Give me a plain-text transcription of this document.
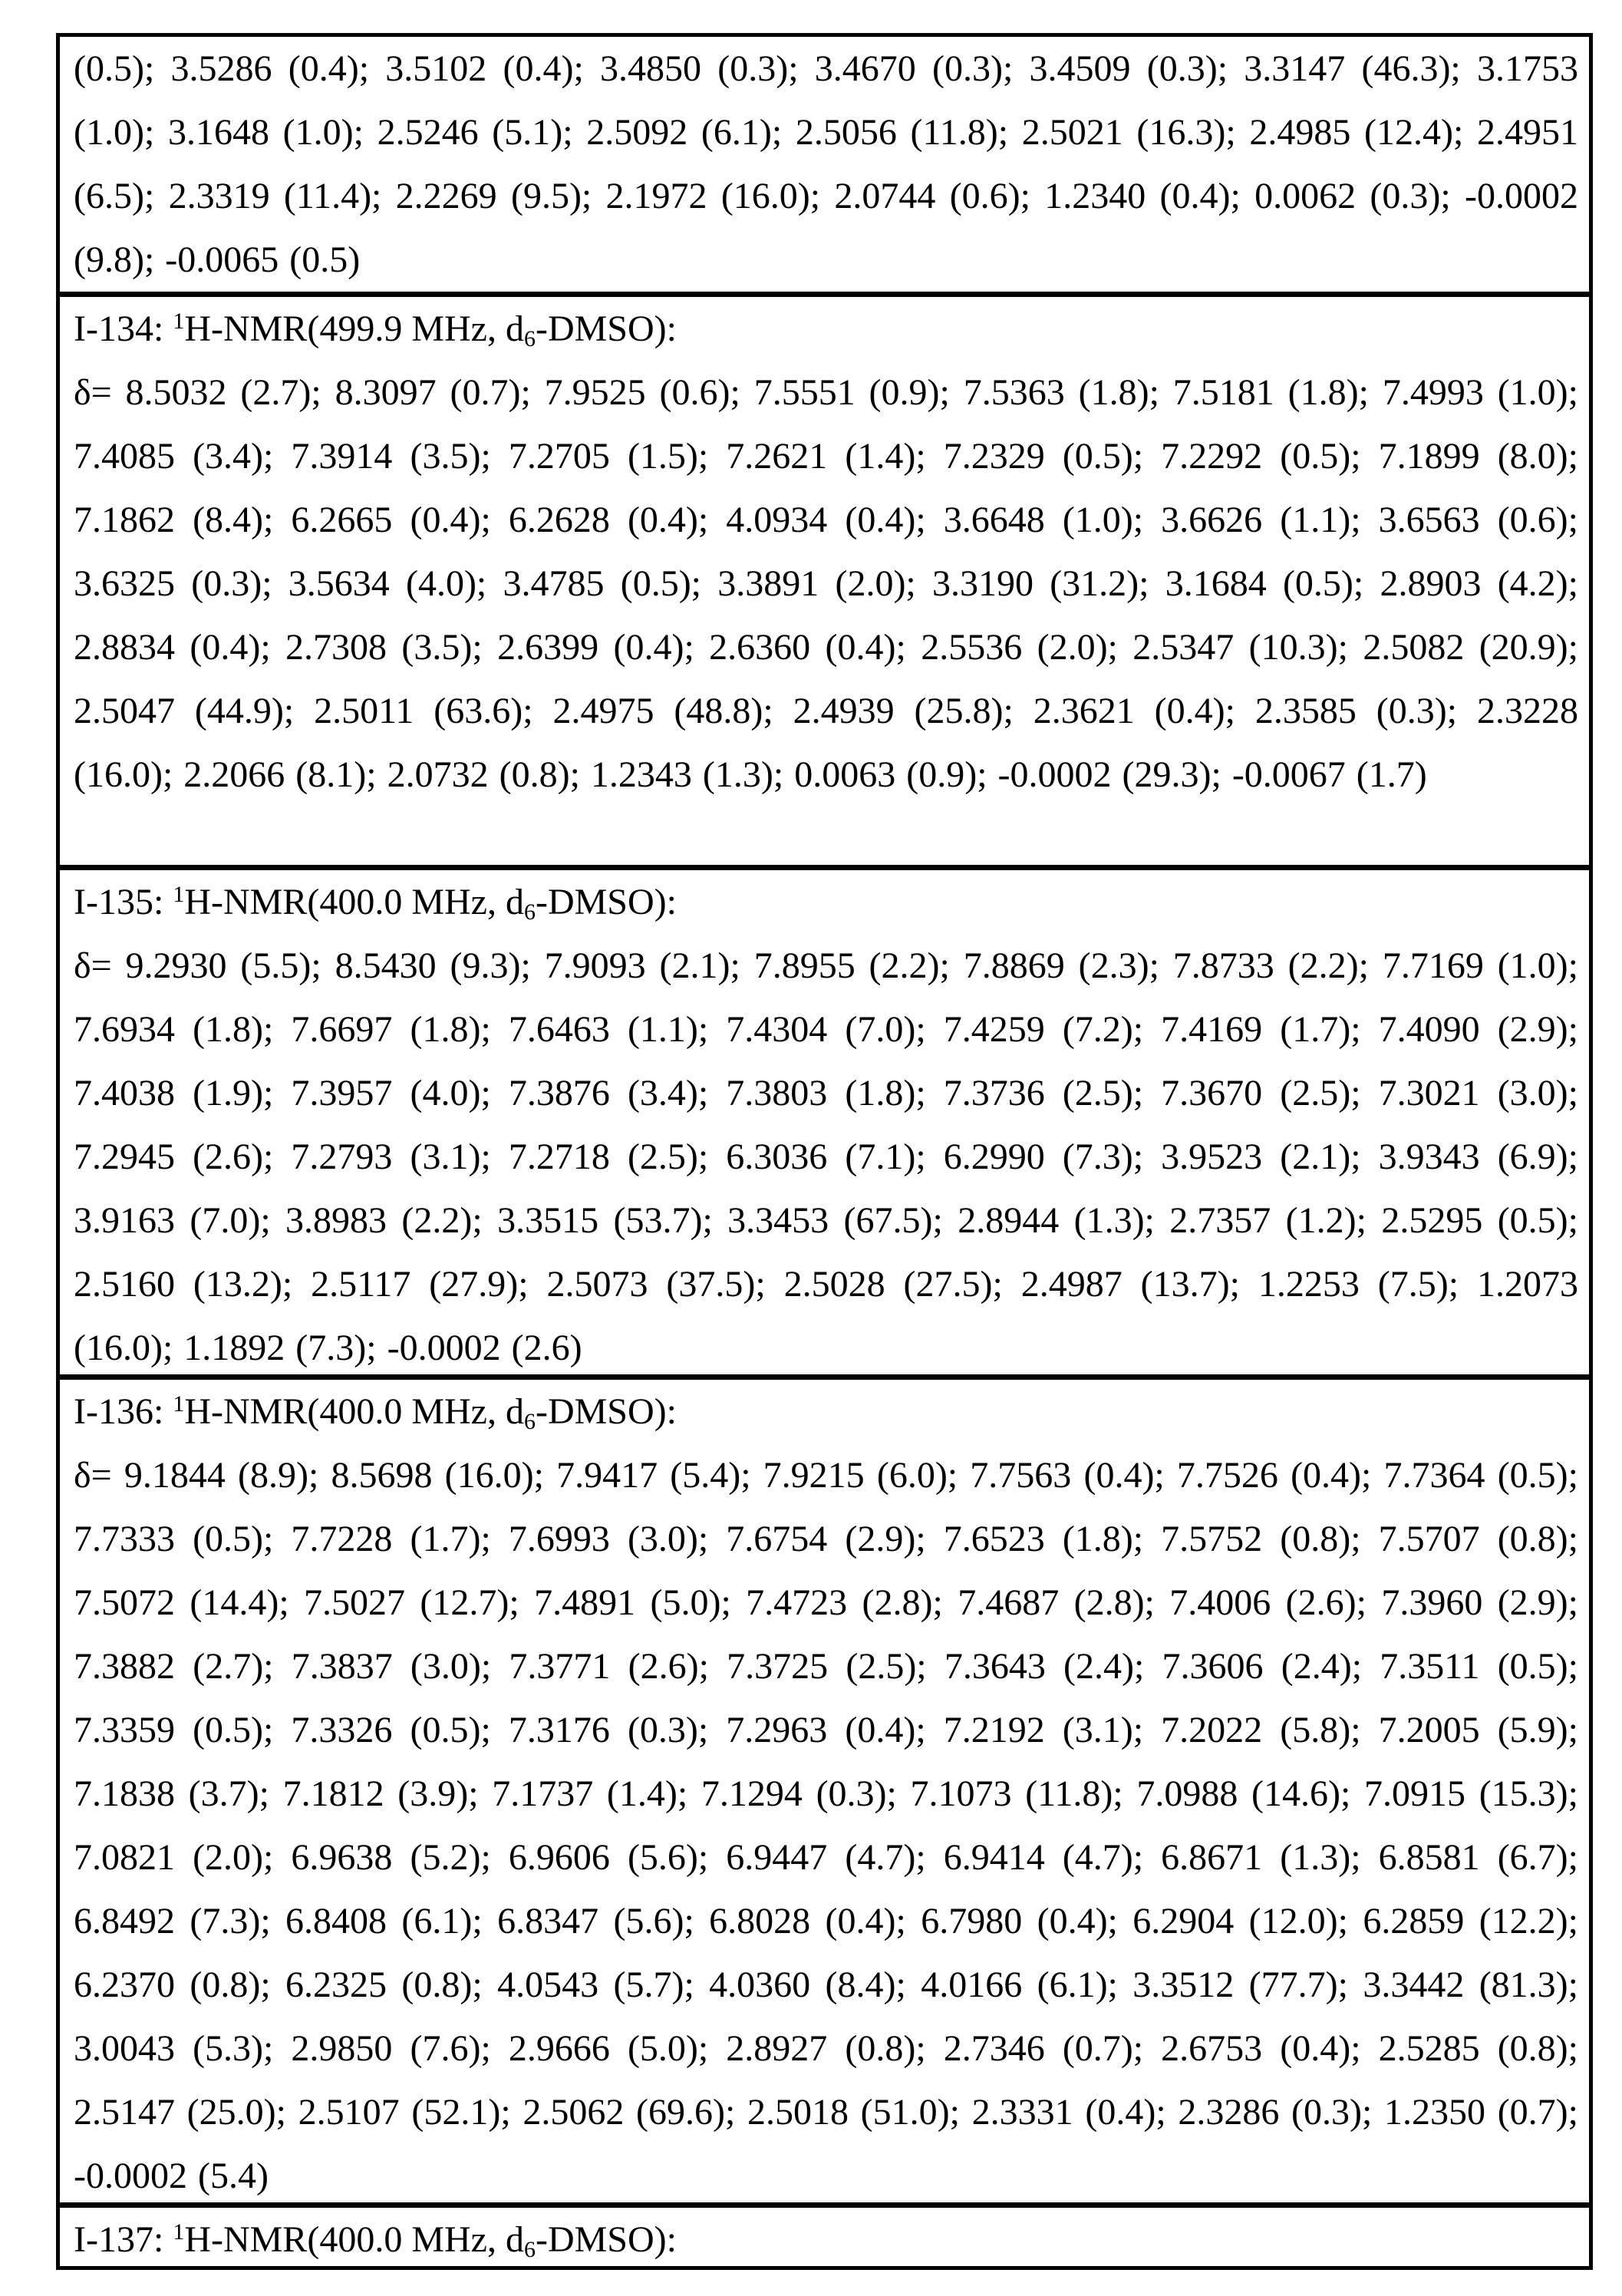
(0.5); 3.5286 (0.4); 3.5102 (0.4); 3.4850 (0.3); 3.4670 (0.3); 3.4509 (0.3); 3.3147 (46.3); 3.1753 (1.0); 3.1648 (1.0); 2.5246 (5.1); 2.5092 (6.1); 2.5056 (11.8); 2.5021 (16.3); 2.4985 (12.4); 2.4951 (6.5); 2.3319 (11.4); 2.2269 (9.5); 2.1972 (16.0); 2.0744 (0.6); 1.2340 (0.4); 0.0062 (0.3); -0.0002 (9.8); -0.0065 (0.5)
I-134: $^1$H-NMR(499.9 MHz, d6-DMSO):
δ= 8.5032 (2.7); 8.3097 (0.7); 7.9525 (0.6); 7.5551 (0.9); 7.5363 (1.8); 7.5181 (1.8); 7.4993 (1.0); 7.4085 (3.4); 7.3914 (3.5); 7.2705 (1.5); 7.2621 (1.4); 7.2329 (0.5); 7.2292 (0.5); 7.1899 (8.0); 7.1862 (8.4); 6.2665 (0.4); 6.2628 (0.4); 4.0934 (0.4); 3.6648 (1.0); 3.6626 (1.1); 3.6563 (0.6); 3.6325 (0.3); 3.5634 (4.0); 3.4785 (0.5); 3.3891 (2.0); 3.3190 (31.2); 3.1684 (0.5); 2.8903 (4.2); 2.8834 (0.4); 2.7308 (3.5); 2.6399 (0.4); 2.6360 (0.4); 2.5536 (2.0); 2.5347 (10.3); 2.5082 (20.9); 2.5047 (44.9); 2.5011 (63.6); 2.4975 (48.8); 2.4939 (25.8); 2.3621 (0.4); 2.3585 (0.3); 2.3228 (16.0); 2.2066 (8.1); 2.0732 (0.8); 1.2343 (1.3); 0.0063 (0.9); -0.0002 (29.3); -0.0067 (1.7)
I-135: $^1$H-NMR(400.0 MHz, d6-DMSO):
δ= 9.2930 (5.5); 8.5430 (9.3); 7.9093 (2.1); 7.8955 (2.2); 7.8869 (2.3); 7.8733 (2.2); 7.7169 (1.0); 7.6934 (1.8); 7.6697 (1.8); 7.6463 (1.1); 7.4304 (7.0); 7.4259 (7.2); 7.4169 (1.7); 7.4090 (2.9); 7.4038 (1.9); 7.3957 (4.0); 7.3876 (3.4); 7.3803 (1.8); 7.3736 (2.5); 7.3670 (2.5); 7.3021 (3.0); 7.2945 (2.6); 7.2793 (3.1); 7.2718 (2.5); 6.3036 (7.1); 6.2990 (7.3); 3.9523 (2.1); 3.9343 (6.9); 3.9163 (7.0); 3.8983 (2.2); 3.3515 (53.7); 3.3453 (67.5); 2.8944 (1.3); 2.7357 (1.2); 2.5295 (0.5); 2.5160 (13.2); 2.5117 (27.9); 2.5073 (37.5); 2.5028 (27.5); 2.4987 (13.7); 1.2253 (7.5); 1.2073 (16.0); 1.1892 (7.3); -0.0002 (2.6)
I-136: $^1$H-NMR(400.0 MHz, d6-DMSO):
δ= 9.1844 (8.9); 8.5698 (16.0); 7.9417 (5.4); 7.9215 (6.0); 7.7563 (0.4); 7.7526 (0.4); 7.7364 (0.5); 7.7333 (0.5); 7.7228 (1.7); 7.6993 (3.0); 7.6754 (2.9); 7.6523 (1.8); 7.5752 (0.8); 7.5707 (0.8); 7.5072 (14.4); 7.5027 (12.7); 7.4891 (5.0); 7.4723 (2.8); 7.4687 (2.8); 7.4006 (2.6); 7.3960 (2.9); 7.3882 (2.7); 7.3837 (3.0); 7.3771 (2.6); 7.3725 (2.5); 7.3643 (2.4); 7.3606 (2.4); 7.3511 (0.5); 7.3359 (0.5); 7.3326 (0.5); 7.3176 (0.3); 7.2963 (0.4); 7.2192 (3.1); 7.2022 (5.8); 7.2005 (5.9); 7.1838 (3.7); 7.1812 (3.9); 7.1737 (1.4); 7.1294 (0.3); 7.1073 (11.8); 7.0988 (14.6); 7.0915 (15.3); 7.0821 (2.0); 6.9638 (5.2); 6.9606 (5.6); 6.9447 (4.7); 6.9414 (4.7); 6.8671 (1.3); 6.8581 (6.7); 6.8492 (7.3); 6.8408 (6.1); 6.8347 (5.6); 6.8028 (0.4); 6.7980 (0.4); 6.2904 (12.0); 6.2859 (12.2); 6.2370 (0.8); 6.2325 (0.8); 4.0543 (5.7); 4.0360 (8.4); 4.0166 (6.1); 3.3512 (77.7); 3.3442 (81.3); 3.0043 (5.3); 2.9850 (7.6); 2.9666 (5.0); 2.8927 (0.8); 2.7346 (0.7); 2.6753 (0.4); 2.5285 (0.8); 2.5147 (25.0); 2.5107 (52.1); 2.5062 (69.6); 2.5018 (51.0); 2.3331 (0.4); 2.3286 (0.3); 1.2350 (0.7); -0.0002 (5.4)
I-137: $^1$H-NMR(400.0 MHz, d6-DMSO):
